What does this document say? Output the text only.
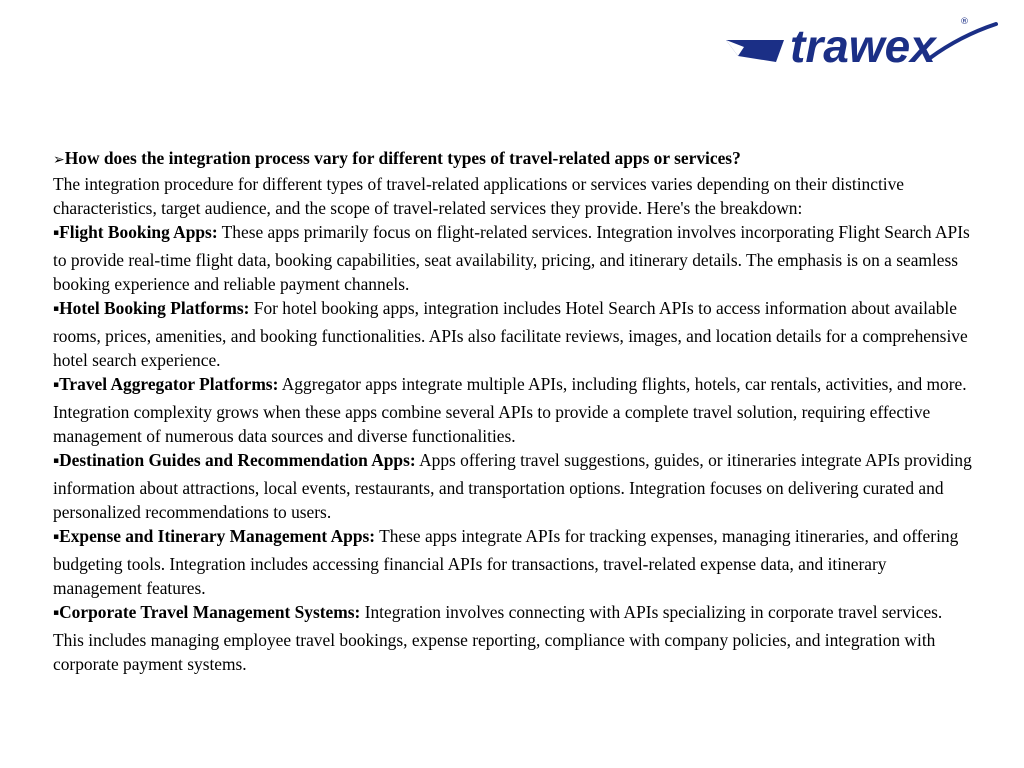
trawex	®

➢How does the integration process vary for different types of travel-related apps or services?

The integration procedure for different types of travel-related applications or services varies depending on their distinctive characteristics, target audience, and the scope of travel-related services they provide. Here's the breakdown:

▪Flight Booking Apps: These apps primarily focus on flight-related services. Integration involves incorporating Flight Search APIs to provide real-time flight data, booking capabilities, seat availability, pricing, and itinerary details. The emphasis is on a seamless booking experience and reliable payment channels.

▪Hotel Booking Platforms: For hotel booking apps, integration includes Hotel Search APIs to access information about available rooms, prices, amenities, and booking functionalities. APIs also facilitate reviews, images, and location details for a comprehensive hotel search experience.

▪Travel Aggregator Platforms: Aggregator apps integrate multiple APIs, including flights, hotels, car rentals, activities, and more. Integration complexity grows when these apps combine several APIs to provide a complete travel solution, requiring effective management of numerous data sources and diverse functionalities.

▪Destination Guides and Recommendation Apps: Apps offering travel suggestions, guides, or itineraries integrate APIs providing information about attractions, local events, restaurants, and transportation options. Integration focuses on delivering curated and personalized recommendations to users.

▪Expense and Itinerary Management Apps: These apps integrate APIs for tracking expenses, managing itineraries, and offering budgeting tools. Integration includes accessing financial APIs for transactions, travel-related expense data, and itinerary management features.

▪Corporate Travel Management Systems: Integration involves connecting with APIs specializing in corporate travel services. This includes managing employee travel bookings, expense reporting, compliance with company policies, and integration with corporate payment systems.
